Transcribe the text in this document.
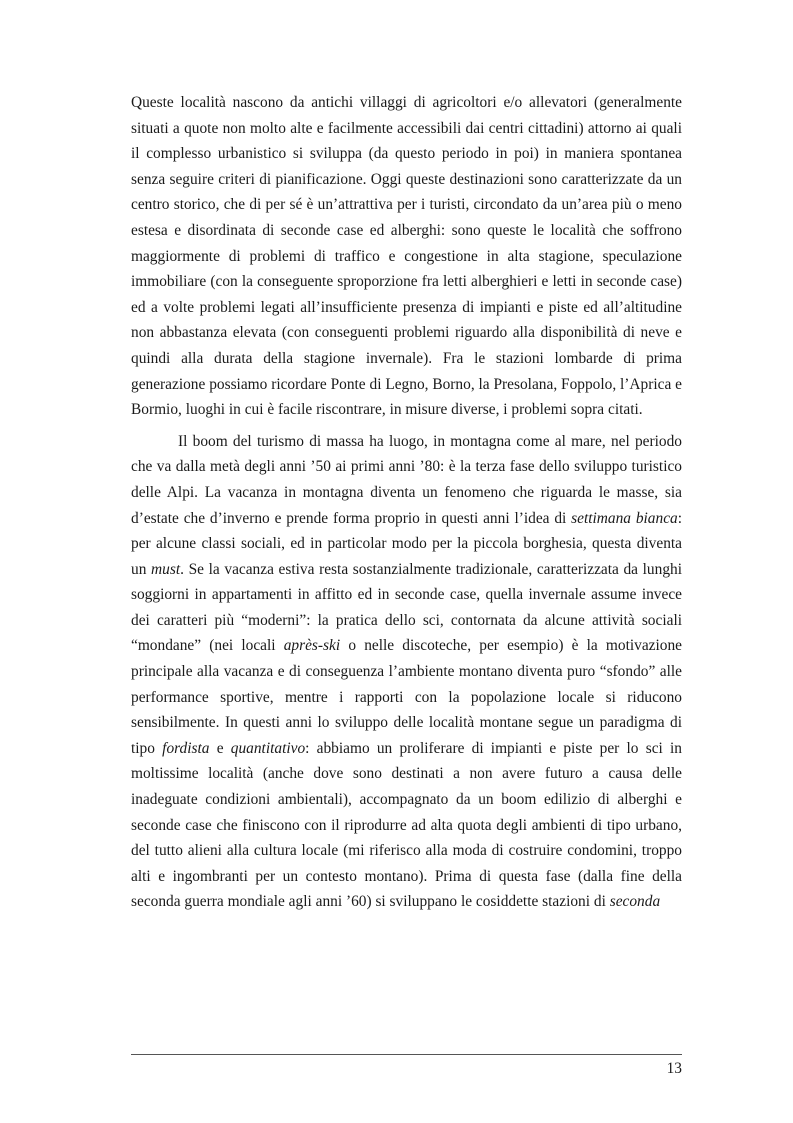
Queste località nascono da antichi villaggi di agricoltori e/o allevatori (generalmente situati a quote non molto alte e facilmente accessibili dai centri cittadini) attorno ai quali il complesso urbanistico si sviluppa (da questo periodo in poi) in maniera spontanea senza seguire criteri di pianificazione. Oggi queste destinazioni sono caratterizzate da un centro storico, che di per sé è un’attrattiva per i turisti, circondato da un’area più o meno estesa e disordinata di seconde case ed alberghi: sono queste le località che soffrono maggiormente di problemi di traffico e congestione in alta stagione, speculazione immobiliare (con la conseguente sproporzione fra letti alberghieri e letti in seconde case) ed a volte problemi legati all’insufficiente presenza di impianti e piste ed all’altitudine non abbastanza elevata (con conseguenti problemi riguardo alla disponibilità di neve e quindi alla durata della stagione invernale). Fra le stazioni lombarde di prima generazione possiamo ricordare Ponte di Legno, Borno, la Presolana, Foppolo, l’Aprica e Bormio, luoghi in cui è facile riscontrare, in misure diverse, i problemi sopra citati.

Il boom del turismo di massa ha luogo, in montagna come al mare, nel periodo che va dalla metà degli anni ’50 ai primi anni ’80: è la terza fase dello sviluppo turistico delle Alpi. La vacanza in montagna diventa un fenomeno che riguarda le masse, sia d’estate che d’inverno e prende forma proprio in questi anni l’idea di settimana bianca: per alcune classi sociali, ed in particolar modo per la piccola borghesia, questa diventa un must. Se la vacanza estiva resta sostanzialmente tradizionale, caratterizzata da lunghi soggiorni in appartamenti in affitto ed in seconde case, quella invernale assume invece dei caratteri più “moderni”: la pratica dello sci, contornata da alcune attività sociali “mondane” (nei locali après-ski o nelle discoteche, per esempio) è la motivazione principale alla vacanza e di conseguenza l’ambiente montano diventa puro “sfondo” alle performance sportive, mentre i rapporti con la popolazione locale si riducono sensibilmente. In questi anni lo sviluppo delle località montane segue un paradigma di tipo fordista e quantitativo: abbiamo un proliferare di impianti e piste per lo sci in moltissime località (anche dove sono destinati a non avere futuro a causa delle inadeguate condizioni ambientali), accompagnato da un boom edilizio di alberghi e seconde case che finiscono con il riprodurre ad alta quota degli ambienti di tipo urbano, del tutto alieni alla cultura locale (mi riferisco alla moda di costruire condomini, troppo alti e ingombranti per un contesto montano). Prima di questa fase (dalla fine della seconda guerra mondiale agli anni ’60) si sviluppano le cosiddette stazioni di seconda

13
